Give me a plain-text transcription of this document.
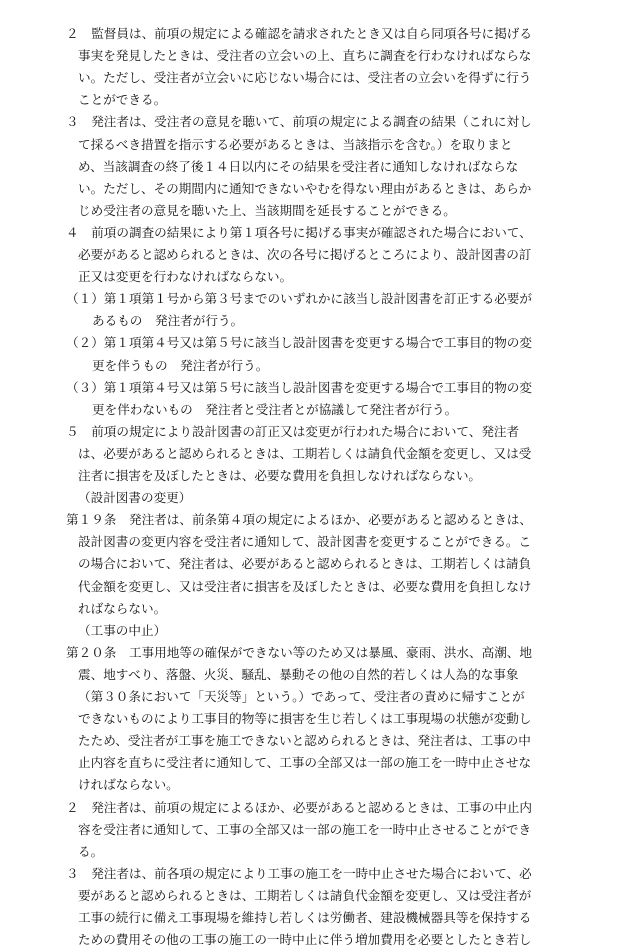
２　監督員は、前項の規定による確認を請求されたとき又は自ら同項各号に掲げる
事実を発見したときは、受注者の立会いの上、直ちに調査を行わなければならな
い。ただし、受注者が立会いに応じない場合には、受注者の立会いを得ずに行う
ことができる。
３　発注者は、受注者の意見を聴いて、前項の規定による調査の結果（これに対し
て採るべき措置を指示する必要があるときは、当該指示を含む。）を取りまと
め、当該調査の終了後１４日以内にその結果を受注者に通知しなければならな
い。ただし、その期間内に通知できないやむを得ない理由があるときは、あらか
じめ受注者の意見を聴いた上、当該期間を延長することができる。
４　前項の調査の結果により第１項各号に掲げる事実が確認された場合において、
必要があると認められるときは、次の各号に掲げるところにより、設計図書の訂
正又は変更を行わなければならない。
（１）第１項第１号から第３号までのいずれかに該当し設計図書を訂正する必要が
あるもの　発注者が行う。
（２）第１項第４号又は第５号に該当し設計図書を変更する場合で工事目的物の変
更を伴うもの　発注者が行う。
（３）第１項第４号又は第５号に該当し設計図書を変更する場合で工事目的物の変
更を伴わないもの　発注者と受注者とが協議して発注者が行う。
５　前項の規定により設計図書の訂正又は変更が行われた場合において、発注者
は、必要があると認められるときは、工期若しくは請負代金額を変更し、又は受
注者に損害を及ぼしたときは、必要な費用を負担しなければならない。
（設計図書の変更）
第１９条　発注者は、前条第４項の規定によるほか、必要があると認めるときは、
設計図書の変更内容を受注者に通知して、設計図書を変更することができる。こ
の場合において、発注者は、必要があると認められるときは、工期若しくは請負
代金額を変更し、又は受注者に損害を及ぼしたときは、必要な費用を負担しなけ
ればならない。
（工事の中止）
第２０条　工事用地等の確保ができない等のため又は暴風、豪雨、洪水、高潮、地
震、地すべり、落盤、火災、騒乱、暴動その他の自然的若しくは人為的な事象
（第３０条において「天災等」という。）であって、受注者の責めに帰すことが
できないものにより工事目的物等に損害を生じ若しくは工事現場の状態が変動し
たため、受注者が工事を施工できないと認められるときは、発注者は、工事の中
止内容を直ちに受注者に通知して、工事の全部又は一部の施工を一時中止させな
ければならない。
２　発注者は、前項の規定によるほか、必要があると認めるときは、工事の中止内
容を受注者に通知して、工事の全部又は一部の施工を一時中止させることができ
る。
３　発注者は、前各項の規定により工事の施工を一時中止させた場合において、必
要があると認められるときは、工期若しくは請負代金額を変更し、又は受注者が
工事の続行に備え工事現場を維持し若しくは労働者、建設機械器具等を保持する
ための費用その他の工事の施工の一時中止に伴う増加費用を必要としたとき若し
